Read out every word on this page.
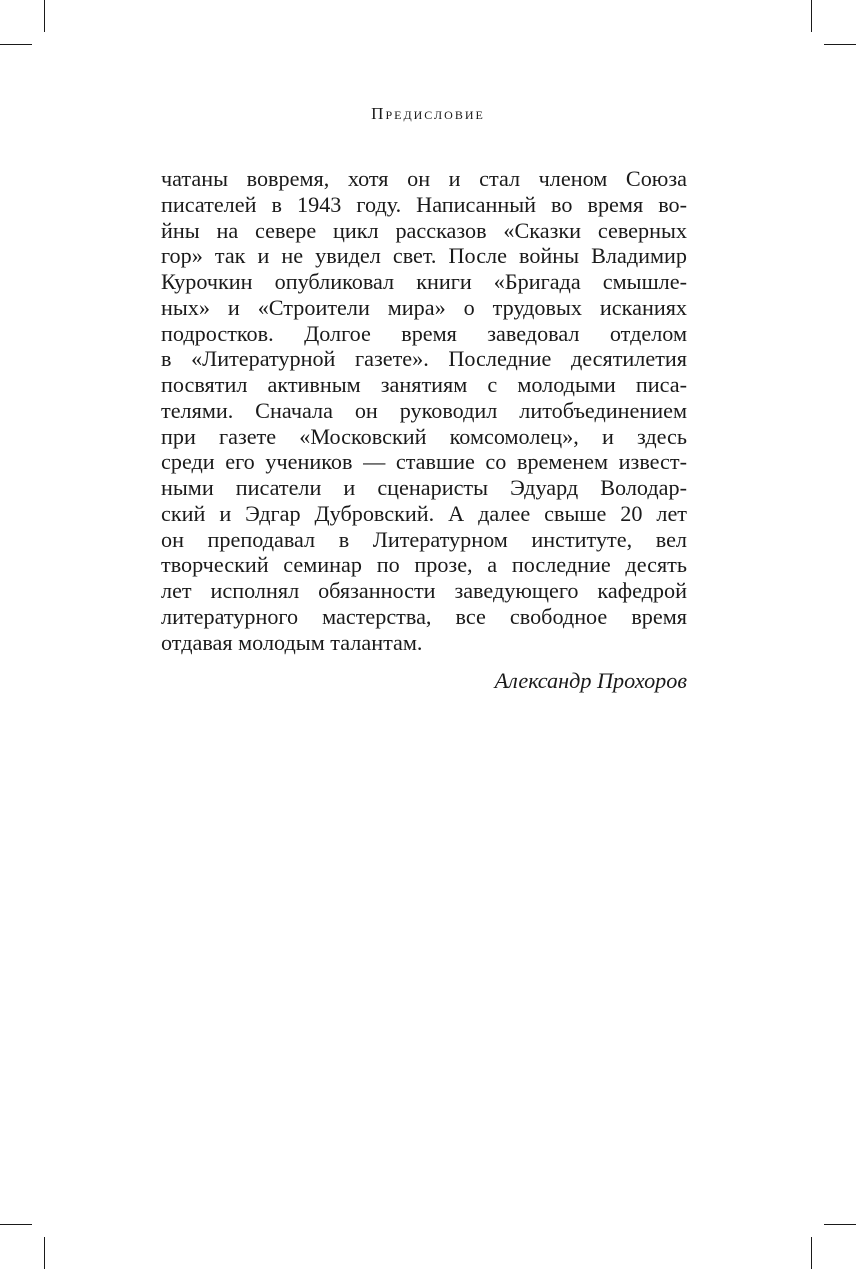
Предисловие
чатаны вовремя, хотя он и стал членом Союза
писателей в 1943 году. Написанный во время во-
йны на севере цикл рассказов «Сказки северных
гор» так и не увидел свет. После войны Владимир
Курочкин опубликовал книги «Бригада смышле-
ных» и «Строители мира» о трудовых исканиях
подростков. Долгое время заведовал отделом
в «Литературной газете». Последние десятилетия
посвятил активным занятиям с молодыми писа-
телями. Сначала он руководил литобъединением
при газете «Московский комсомолец», и здесь
среди его учеников — ставшие со временем извест-
ными писатели и сценаристы Эдуард Володар-
ский и Эдгар Дубровский. А далее свыше 20 лет
он преподавал в Литературном институте, вел
творческий семинар по прозе, а последние десять
лет исполнял обязанности заведующего кафедрой
литературного мастерства, все свободное время
отдавая молодым талантам.
Александр Прохоров
